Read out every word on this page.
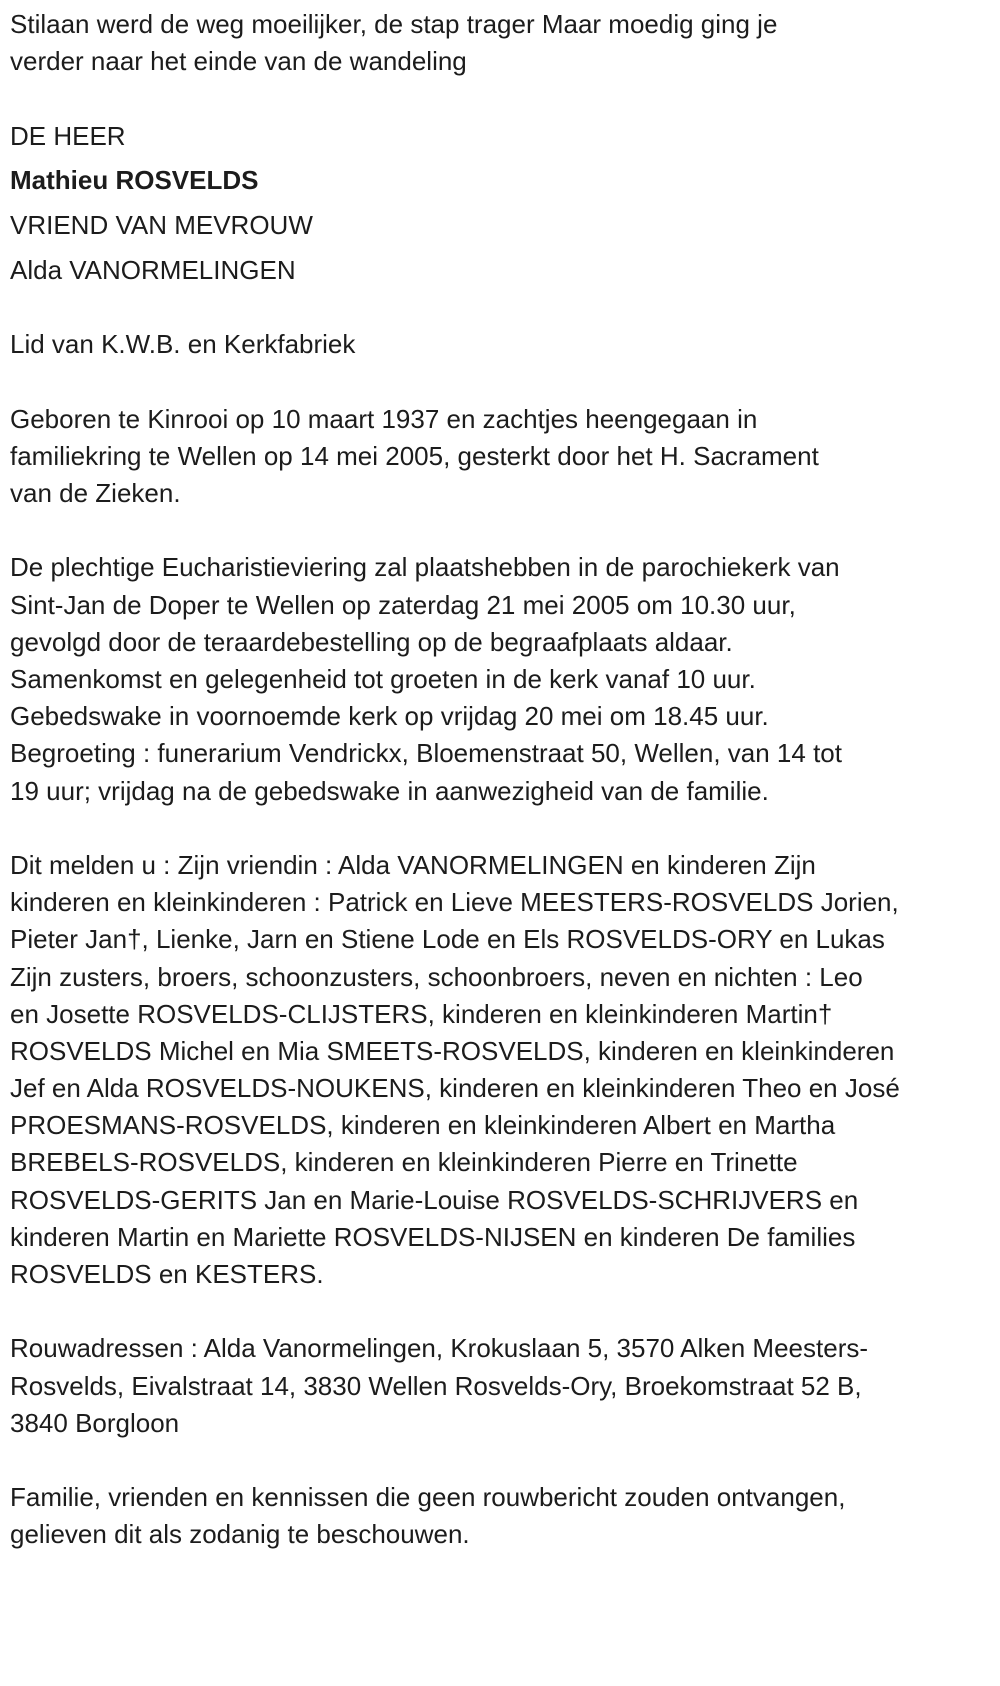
Stilaan werd de weg moeilijker, de stap trager Maar moedig ging je
verder naar het einde van de wandeling
DE HEER
Mathieu ROSVELDS
VRIEND VAN MEVROUW
Alda VANORMELINGEN
Lid van K.W.B. en Kerkfabriek
Geboren te Kinrooi op 10 maart 1937 en zachtjes heengegaan in
familiekring te Wellen op 14 mei 2005, gesterkt door het H. Sacrament
van de Zieken.
De plechtige Eucharistieviering zal plaatshebben in de parochiekerk van
Sint-Jan de Doper te Wellen op zaterdag 21 mei 2005 om 10.30 uur,
gevolgd door de teraardebestelling op de begraafplaats aldaar.
Samenkomst en gelegenheid tot groeten in de kerk vanaf 10 uur.
Gebedswake in voornoemde kerk op vrijdag 20 mei om 18.45 uur.
Begroeting : funerarium Vendrickx, Bloemenstraat 50, Wellen, van 14 tot
19 uur; vrijdag na de gebedswake in aanwezigheid van de familie.
Dit melden u : Zijn vriendin : Alda VANORMELINGEN en kinderen Zijn
kinderen en kleinkinderen : Patrick en Lieve MEESTERS-ROSVELDS Jorien,
Pieter Jan†, Lienke, Jarn en Stiene Lode en Els ROSVELDS-ORY en Lukas
Zijn zusters, broers, schoonzusters, schoonbroers, neven en nichten : Leo
en Josette ROSVELDS-CLIJSTERS, kinderen en kleinkinderen Martin†
ROSVELDS Michel en Mia SMEETS-ROSVELDS, kinderen en kleinkinderen
Jef en Alda ROSVELDS-NOUKENS, kinderen en kleinkinderen Theo en José
PROESMANS-ROSVELDS, kinderen en kleinkinderen Albert en Martha
BREBELS-ROSVELDS, kinderen en kleinkinderen Pierre en Trinette
ROSVELDS-GERITS Jan en Marie-Louise ROSVELDS-SCHRIJVERS en
kinderen Martin en Mariette ROSVELDS-NIJSEN en kinderen De families
ROSVELDS en KESTERS.
Rouwadressen : Alda Vanormelingen, Krokuslaan 5, 3570 Alken Meesters-
Rosvelds, Eivalstraat 14, 3830 Wellen Rosvelds-Ory, Broekomstraat 52 B,
3840 Borgloon
Familie, vrienden en kennissen die geen rouwbericht zouden ontvangen,
gelieven dit als zodanig te beschouwen.
